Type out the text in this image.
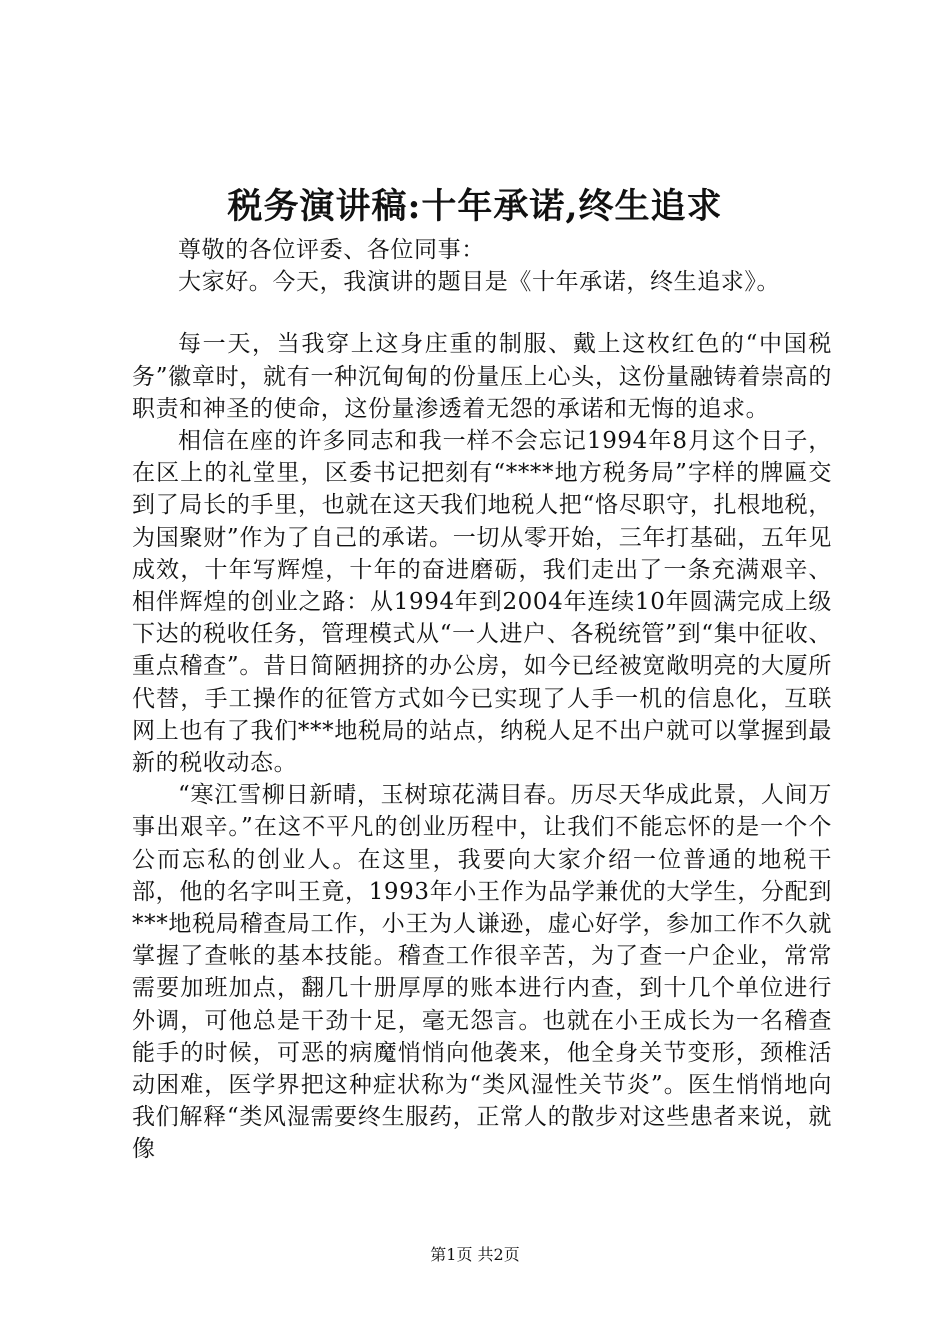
税务演讲稿:十年承诺,终生追求

尊敬的各位评委、各位同事：

大家好。今天，我演讲的题目是《十年承诺，终生追求》。

每一天，当我穿上这身庄重的制服、戴上这枚红色的“中国税务”徽章时，就有一种沉甸甸的份量压上心头，这份量融铸着崇高的职责和神圣的使命，这份量渗透着无怨的承诺和无悔的追求。

相信在座的许多同志和我一样不会忘记1994年8月这个日子，在区上的礼堂里，区委书记把刻有“****地方税务局”字样的牌匾交到了局长的手里，也就在这天我们地税人把“恪尽职守，扎根地税，为国聚财”作为了自己的承诺。一切从零开始，三年打基础，五年见成效，十年写辉煌，十年的奋进磨砺，我们走出了一条充满艰辛、相伴辉煌的创业之路：从1994年到2004年连续10年圆满完成上级下达的税收任务，管理模式从“一人进户、各税统管”到“集中征收、重点稽查”。昔日简陋拥挤的办公房，如今已经被宽敞明亮的大厦所代替，手工操作的征管方式如今已实现了人手一机的信息化，互联网上也有了我们***地税局的站点，纳税人足不出户就可以掌握到最新的税收动态。

“寒江雪柳日新晴，玉树琼花满目春。历尽天华成此景，人间万事出艰辛。”在这不平凡的创业历程中，让我们不能忘怀的是一个个公而忘私的创业人。在这里，我要向大家介绍一位普通的地税干部，他的名字叫王竟，1993年小王作为品学兼优的大学生，分配到***地税局稽查局工作，小王为人谦逊，虚心好学，参加工作不久就掌握了查帐的基本技能。稽查工作很辛苦，为了查一户企业，常常需要加班加点，翻几十册厚厚的账本进行内查，到十几个单位进行外调，可他总是干劲十足，毫无怨言。也就在小王成长为一名稽查能手的时候，可恶的病魔悄悄向他袭来，他全身关节变形，颈椎活动困难，医学界把这种症状称为“类风湿性关节炎”。医生悄悄地向我们解释“类风湿需要终生服药，正常人的散步对这些患者来说，就像

第1页 共2页
